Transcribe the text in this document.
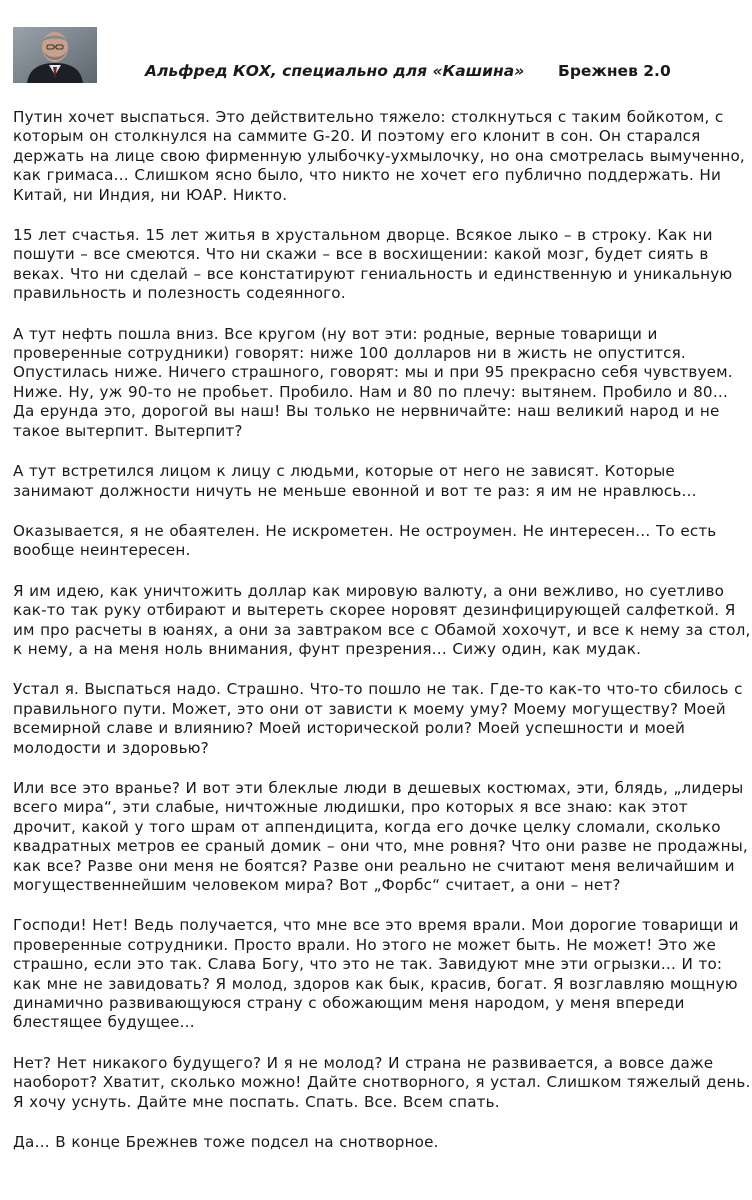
Альфред КОХ, специально для «Кашина» Брежнев 2.0

Путин хочет выспаться. Это действительно тяжело: столкнуться с таким бойкотом, с которым он столкнулся на саммите G-20. И поэтому его клонит в сон. Он старался держать на лице свою фирменную улыбочку-ухмылочку, но она смотрелась вымученно, как гримаса… Слишком ясно было, что никто не хочет его публично поддержать. Ни Китай, ни Индия, ни ЮАР. Никто.

15 лет счастья. 15 лет житья в хрустальном дворце. Всякое лыко – в строку. Как ни пошути – все смеются. Что ни скажи – все в восхищении: какой мозг, будет сиять в веках. Что ни сделай – все констатируют гениальность и единственную и уникальную правильность и полезность содеянного.

А тут нефть пошла вниз. Все кругом (ну вот эти: родные, верные товарищи и проверенные сотрудники) говорят: ниже 100 долларов ни в жисть не опустится. Опустилась ниже. Ничего страшного, говорят: мы и при 95 прекрасно себя чувствуем. Ниже. Ну, уж 90-то не пробьет. Пробило. Нам и 80 по плечу: вытянем. Пробило и 80… Да ерунда это, дорогой вы наш! Вы только не нервничайте: наш великий народ и не такое вытерпит. Вытерпит?

А тут встретился лицом к лицу с людьми, которые от него не зависят. Которые занимают должности ничуть не меньше евонной и вот те раз: я им не нравлюсь…

Оказывается, я не обаятелен. Не искрометен. Не остроумен. Не интересен… То есть вообще неинтересен.

Я им идею, как уничтожить доллар как мировую валюту, а они вежливо, но суетливо как-то так руку отбирают и вытереть скорее норовят дезинфицирующей салфеткой. Я им про расчеты в юанях, а они за завтраком все с Обамой хохочут, и все к нему за стол, к нему, а на меня ноль внимания, фунт презрения… Сижу один, как мудак.

Устал я. Выспаться надо. Страшно. Что-то пошло не так. Где-то как-то что-то сбилось с правильного пути. Может, это они от зависти к моему уму? Моему могуществу? Моей всемирной славе и влиянию? Моей исторической роли? Моей успешности и моей молодости и здоровью?

Или все это вранье? И вот эти блеклые люди в дешевых костюмах, эти, блядь, „лидеры всего мира“, эти слабые, ничтожные людишки, про которых я все знаю: как этот дрочит, какой у того шрам от аппендицита, когда его дочке целку сломали, сколько квадратных метров ее сраный домик – они что, мне ровня? Что они разве не продажны, как все? Разве они меня не боятся? Разве они реально не считают меня величайшим и могущественнейшим человеком мира? Вот „Форбс“ считает, а они – нет?

Господи! Нет! Ведь получается, что мне все это время врали. Мои дорогие товарищи и проверенные сотрудники. Просто врали. Но этого не может быть. Не может! Это же страшно, если это так. Слава Богу, что это не так. Завидуют мне эти огрызки… И то: как мне не завидовать? Я молод, здоров как бык, красив, богат. Я возглавляю мощную динамично развивающуюся страну с обожающим меня народом, у меня впереди блестящее будущее…

Нет? Нет никакого будущего? И я не молод? И страна не развивается, а вовсе даже наоборот? Хватит, сколько можно! Дайте снотворного, я устал. Слишком тяжелый день. Я хочу уснуть. Дайте мне поспать. Спать. Все. Всем спать.

Да… В конце Брежнев тоже подсел на снотворное.
